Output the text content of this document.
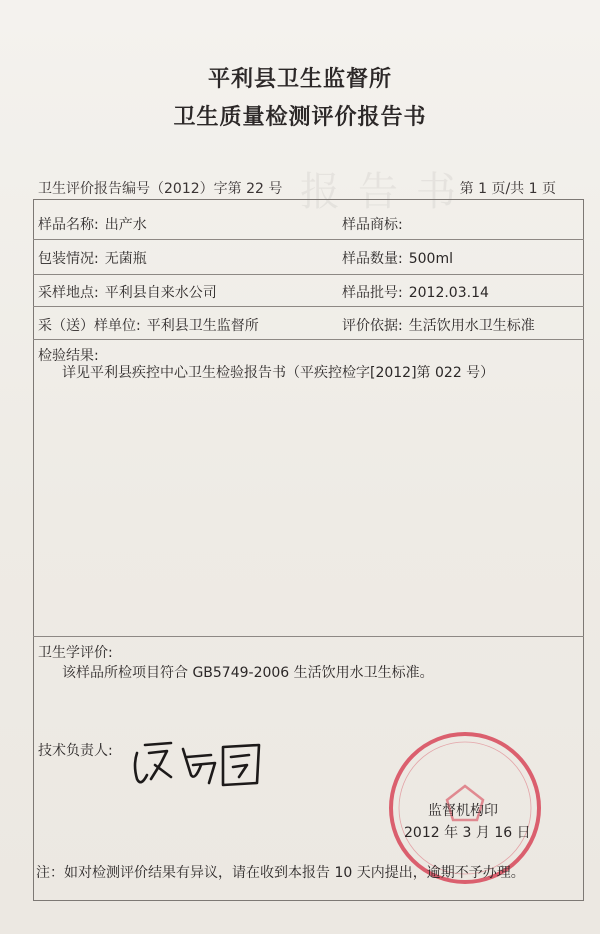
平利县卫生监督所
卫生质量检测评价报告书
卫生评价报告编号（2012）字第 22 号	第 1 页/共 1 页
样品名称: 出产水	样品商标:
包装情况: 无菌瓶	样品数量: 500ml
采样地点: 平利县自来水公司	样品批号: 2012.03.14
采（送）样单位: 平利县卫生监督所	评价依据: 生活饮用水卫生标准
检验结果:
详见平利县疾控中心卫生检验报告书（平疾控检字[2012]第 022 号）

卫生学评价:
该样品所检项目符合 GB5749-2006 生活饮用水卫生标准。
技术负责人:
监督机构印
2012 年 3 月 16 日
注：如对检测评价结果有异议，请在收到本报告 10 天内提出，逾期不予办理。
